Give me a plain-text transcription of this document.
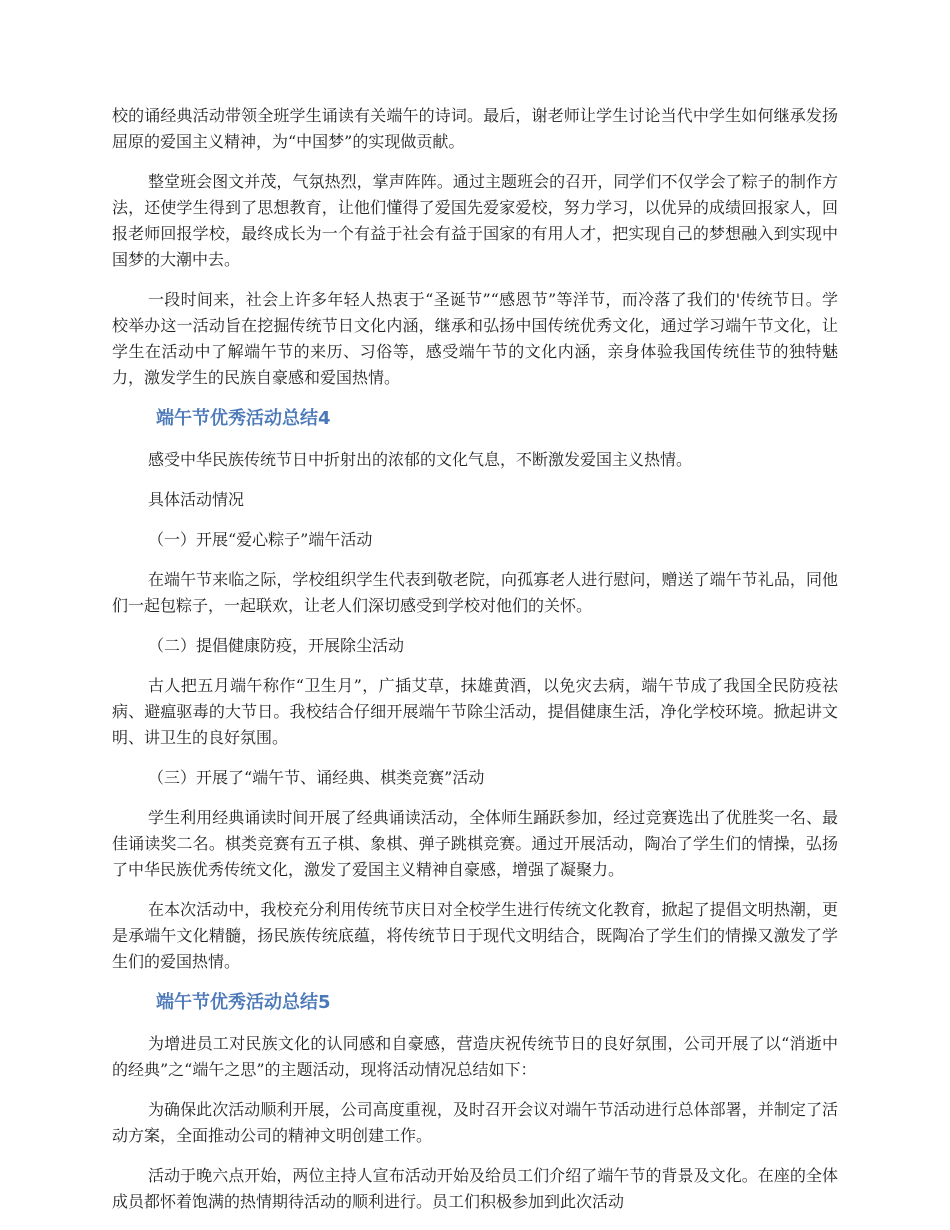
校的诵经典活动带领全班学生诵读有关端午的诗词。最后，谢老师让学生讨论当代中学生如何继承发扬屈原的爱国主义精神，为“中国梦”的实现做贡献。

整堂班会图文并茂，气氛热烈，掌声阵阵。通过主题班会的召开，同学们不仅学会了粽子的制作方法，还使学生得到了思想教育，让他们懂得了爱国先爱家爱校，努力学习，以优异的成绩回报家人，回报老师回报学校，最终成长为一个有益于社会有益于国家的有用人才，把实现自己的梦想融入到实现中国梦的大潮中去。

一段时间来，社会上许多年轻人热衷于“圣诞节”“感恩节”等洋节，而冷落了我们的'传统节日。学校举办这一活动旨在挖掘传统节日文化内涵，继承和弘扬中国传统优秀文化，通过学习端午节文化，让学生在活动中了解端午节的来历、习俗等，感受端午节的文化内涵，亲身体验我国传统佳节的独特魅力，激发学生的民族自豪感和爱国热情。

端午节优秀活动总结4

感受中华民族传统节日中折射出的浓郁的文化气息，不断激发爱国主义热情。

具体活动情况

（一）开展“爱心粽子”端午活动

在端午节来临之际，学校组织学生代表到敬老院，向孤寡老人进行慰问，赠送了端午节礼品，同他们一起包粽子，一起联欢，让老人们深切感受到学校对他们的关怀。

（二）提倡健康防疫，开展除尘活动

古人把五月端午称作“卫生月”，广插艾草，抹雄黄酒，以免灾去病，端午节成了我国全民防疫祛病、避瘟驱毒的大节日。我校结合仔细开展端午节除尘活动，提倡健康生活，净化学校环境。掀起讲文明、讲卫生的良好氛围。

（三）开展了“端午节、诵经典、棋类竞赛”活动

学生利用经典诵读时间开展了经典诵读活动，全体师生踊跃参加，经过竞赛选出了优胜奖一名、最佳诵读奖二名。棋类竞赛有五子棋、象棋、弹子跳棋竞赛。通过开展活动，陶冶了学生们的情操，弘扬了中华民族优秀传统文化，激发了爱国主义精神自豪感，增强了凝聚力。

在本次活动中，我校充分利用传统节庆日对全校学生进行传统文化教育，掀起了提倡文明热潮，更是承端午文化精髓，扬民族传统底蕴，将传统节日于现代文明结合，既陶冶了学生们的情操又激发了学生们的爱国热情。

端午节优秀活动总结5

为增进员工对民族文化的认同感和自豪感，营造庆祝传统节日的良好氛围，公司开展了以“消逝中的经典”之“端午之思”的主题活动，现将活动情况总结如下：

为确保此次活动顺利开展，公司高度重视，及时召开会议对端午节活动进行总体部署，并制定了活动方案，全面推动公司的精神文明创建工作。

活动于晚六点开始，两位主持人宣布活动开始及给员工们介绍了端午节的背景及文化。在座的全体成员都怀着饱满的热情期待活动的顺利进行。员工们积极参加到此次活动
